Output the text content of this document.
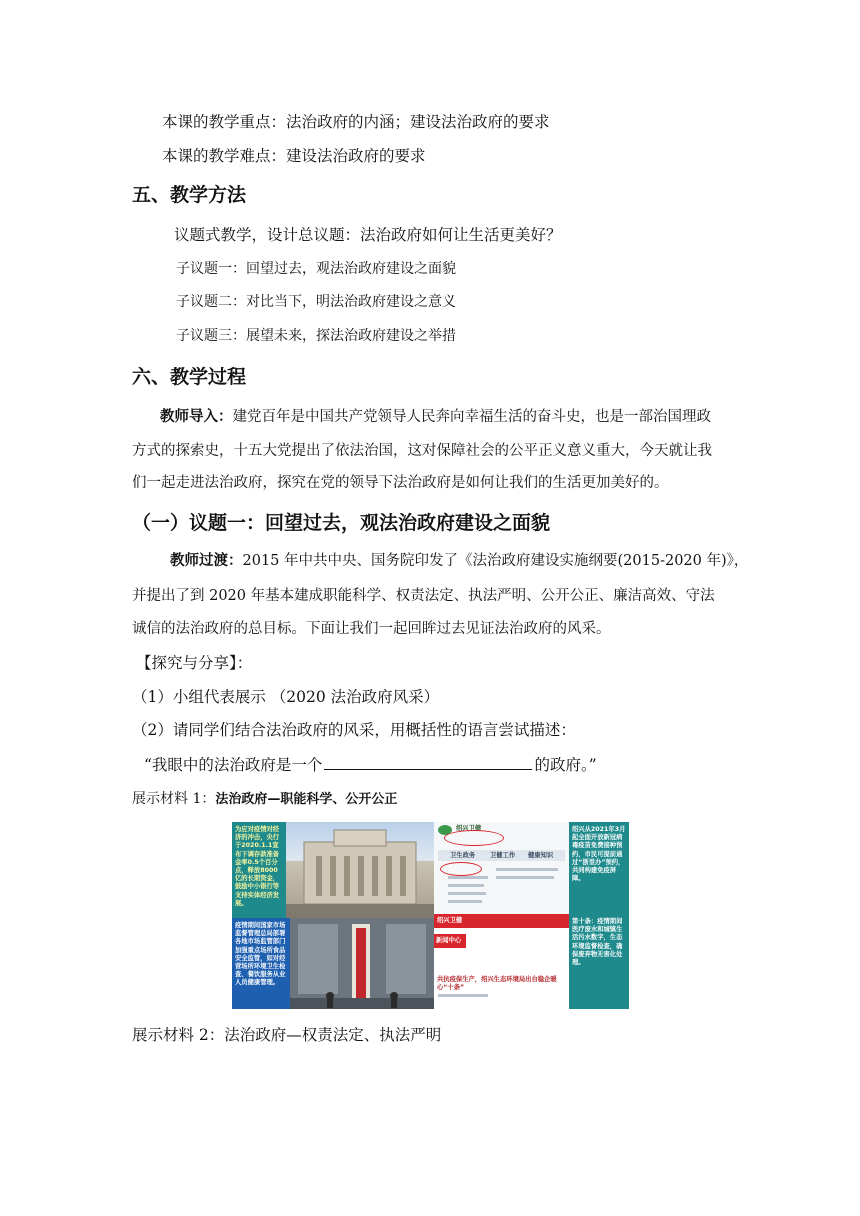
本课的教学重点：法治政府的内涵；建设法治政府的要求
本课的教学难点：建设法治政府的要求
五、教学方法
议题式教学，设计总议题：法治政府如何让生活更美好？
子议题一：回望过去，观法治政府建设之面貌
子议题二：对比当下，明法治政府建设之意义
子议题三：展望未来，探法治政府建设之举措
六、教学过程
教师导入：建党百年是中国共产党领导人民奔向幸福生活的奋斗史，也是一部治国理政
方式的探索史，十五大党提出了依法治国，这对保障社会的公平正义意义重大，今天就让我
们一起走进法治政府，探究在党的领导下法治政府是如何让我们的生活更加美好的。
（一）议题一：回望过去，观法治政府建设之面貌
教师过渡：2015 年中共中央、国务院印发了《法治政府建设实施纲要(2015-2020 年)》，
并提出了到 2020 年基本建成职能科学、权责法定、执法严明、公开公正、廉洁高效、守法
诚信的法治政府的总目标。下面让我们一起回眸过去见证法治政府的风采。
【探究与分享】：
（1）小组代表展示 （2020 法治政府风采）
（2）请同学们结合法治政府的风采，用概括性的语言尝试描述：
“我眼中的法治政府是一个	的政府。”
展示材料 1：法治政府—职能科学、公开公正
为应对疫情对经济的冲击，央行于2020.1.1宣布下调存款准备金率0.5个百分点，释放8000亿的长期资金，鼓励中小银行等支持实体经济发展。
疫情期间国家市场监督管理总局部署各地市场监管部门加强重点场所食品安全监管，如对经营场所环境卫生检查、餐饮服务从业人员健康管理。
绍兴卫健
卫生政务 卫健工作 健康知识
绍兴从2021年3月起全面开放新冠病毒疫苗免费接种预约，市民可提前通过“浙里办”预约，共同构建免疫屏障。
绍兴卫健
新闻中心
共抗疫保生产，绍兴生态环境局出台稳企暖心“十条”
第十条：疫情期间医疗废水和城镇生活污水数字，生态环境监督检查，确保废弃物无害化处理。
展示材料 2：法治政府—权责法定、执法严明
